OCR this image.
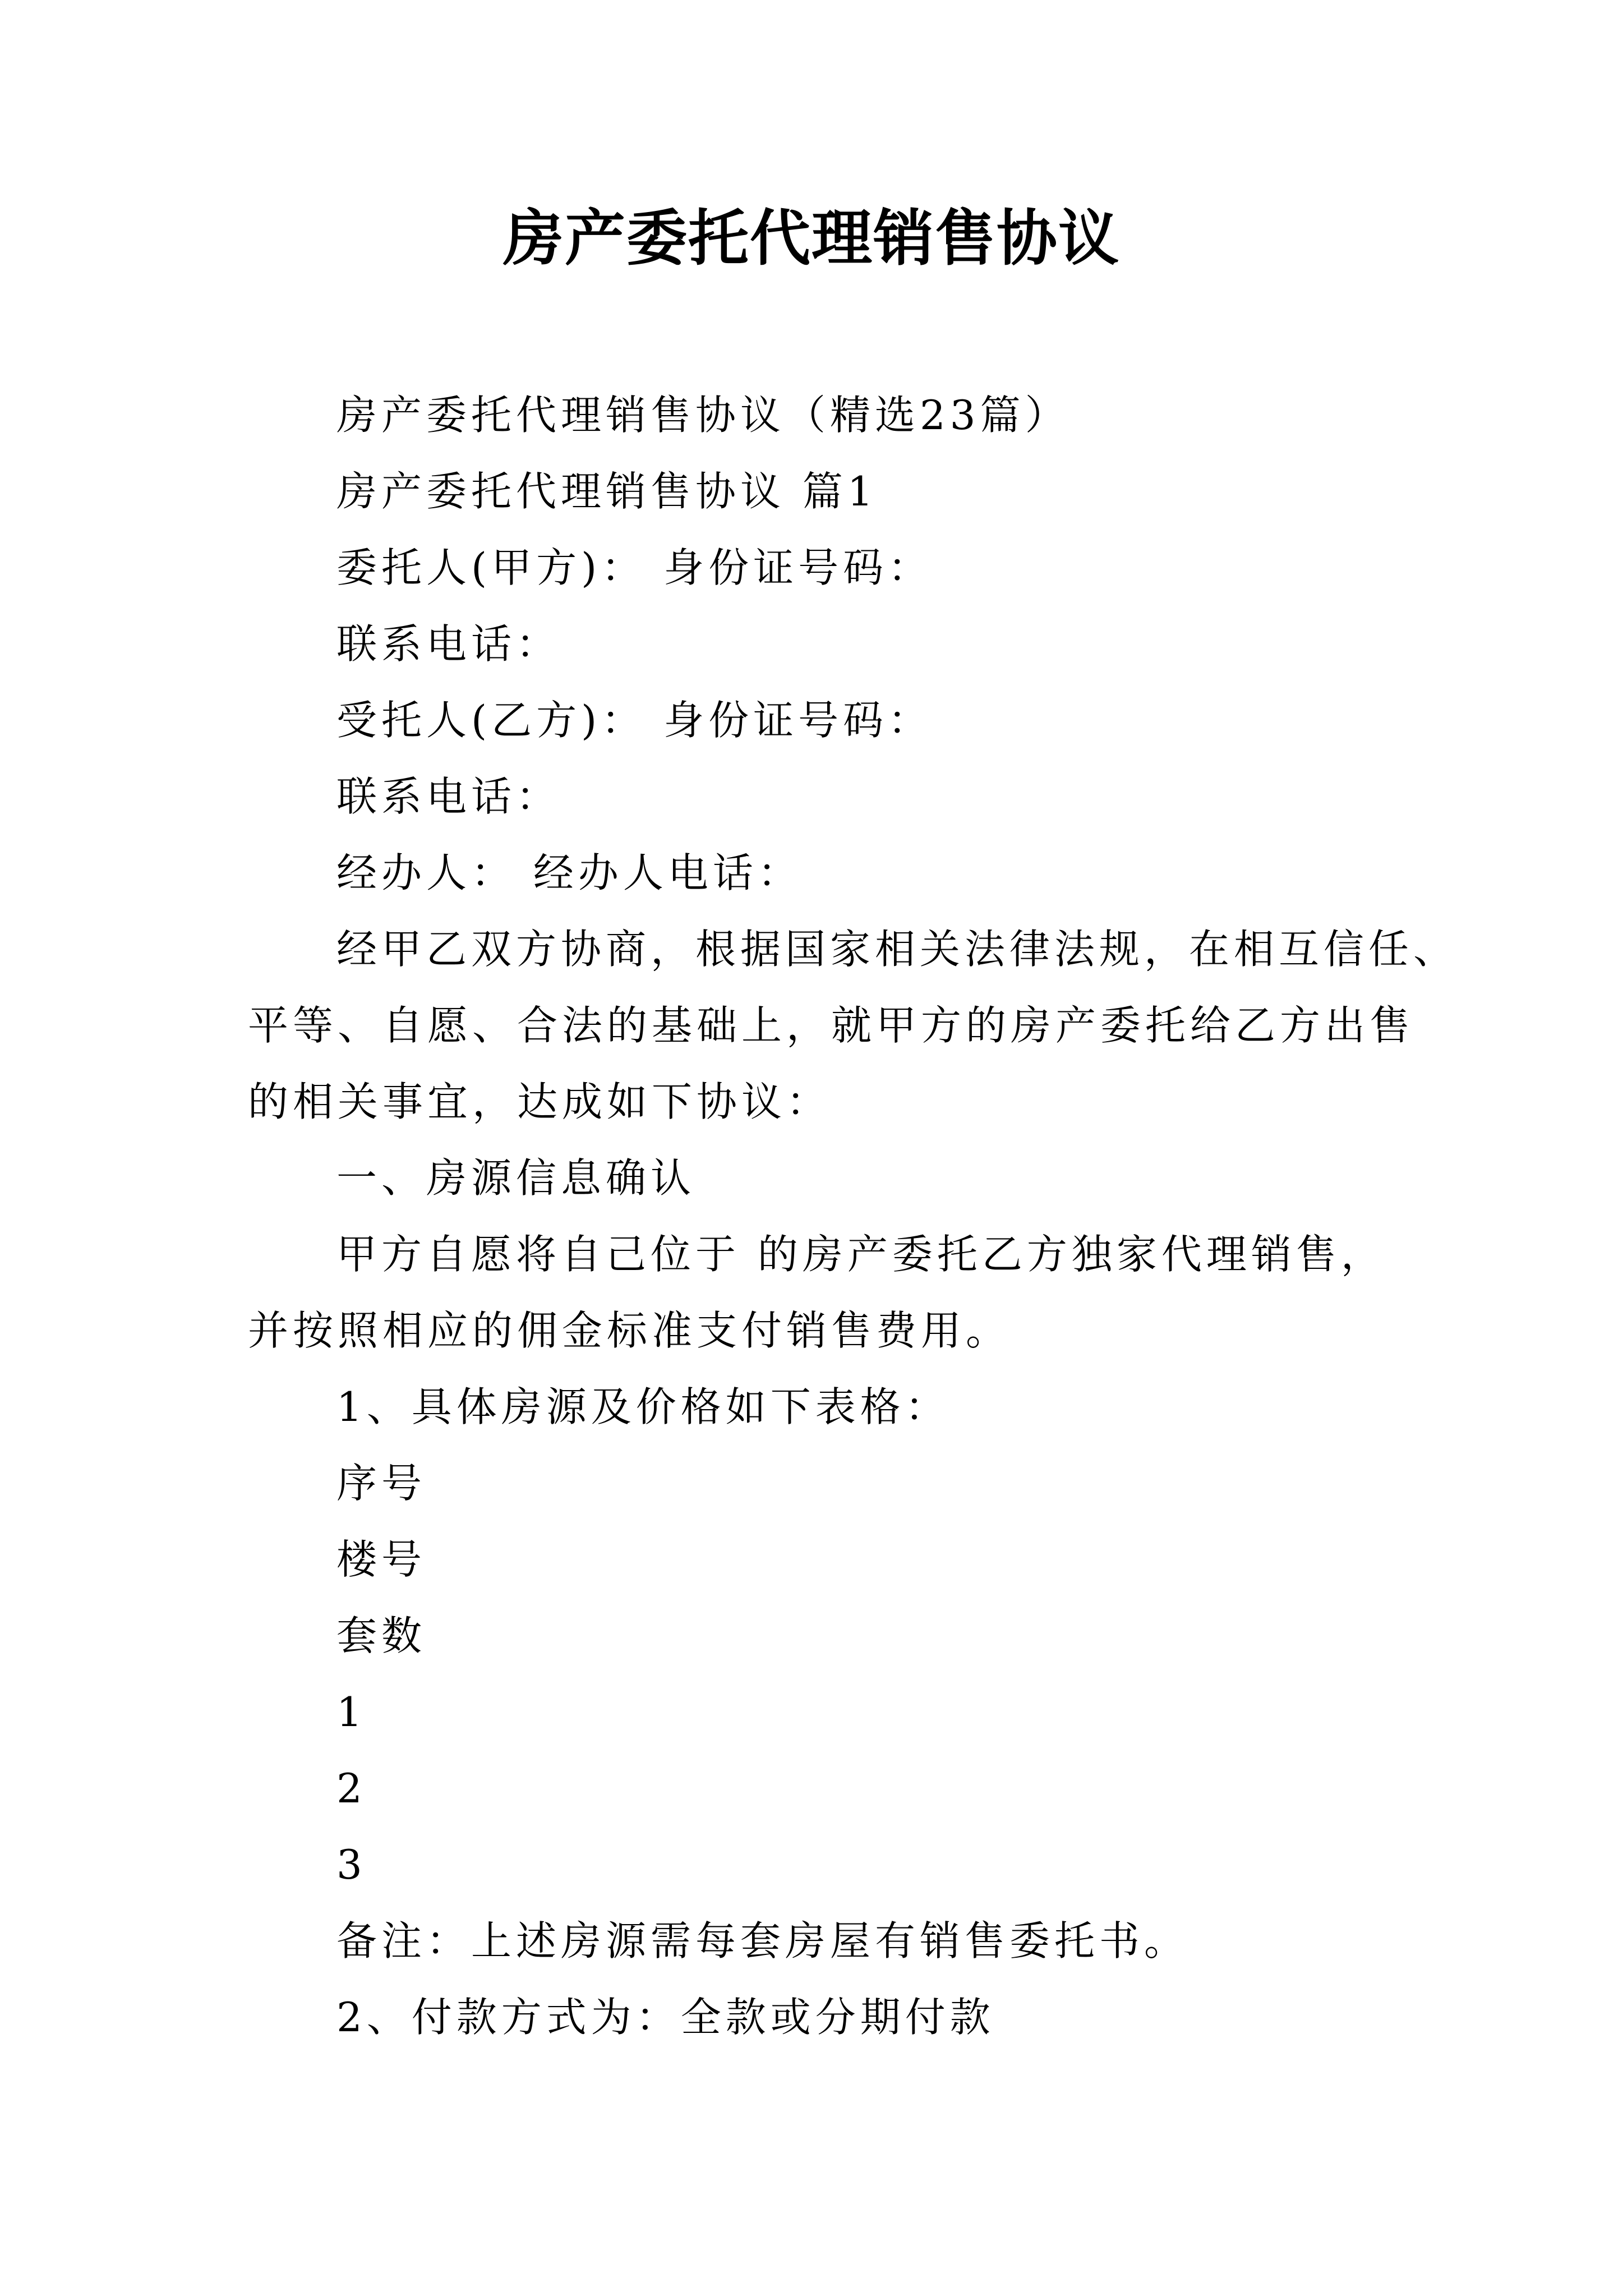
房产委托代理销售协议
房产委托代理销售协议（精选23篇）
房产委托代理销售协议 篇1
委托人(甲方)： 身份证号码：
联系电话：
受托人(乙方)： 身份证号码：
联系电话：
经办人： 经办人电话：
经甲乙双方协商，根据国家相关法律法规，在相互信任、
平等、自愿、合法的基础上，就甲方的房产委托给乙方出售
的相关事宜，达成如下协议：
一、房源信息确认
甲方自愿将自己位于 的房产委托乙方独家代理销售，
并按照相应的佣金标准支付销售费用。
1、具体房源及价格如下表格：
序号
楼号
套数
1
2
3
备注：上述房源需每套房屋有销售委托书。
2、付款方式为：全款或分期付款
